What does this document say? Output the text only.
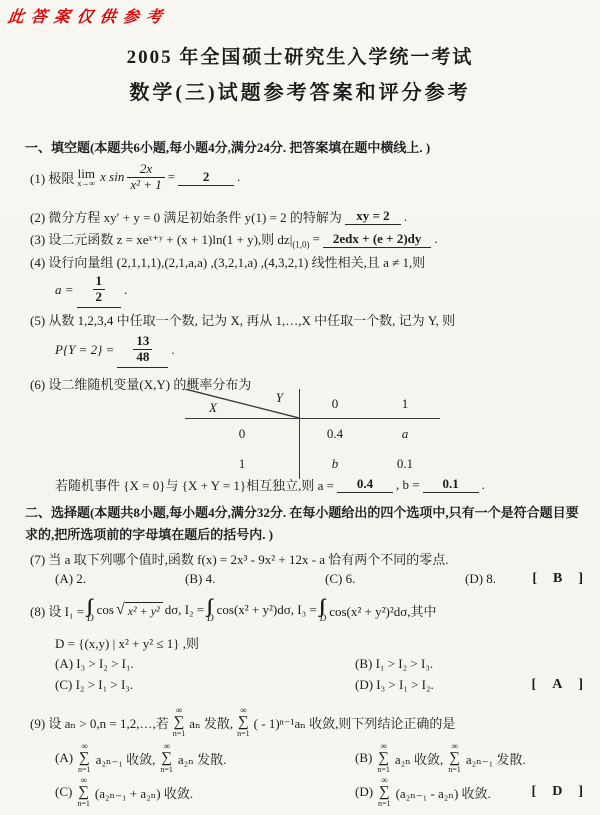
此答案仅供参考
2005 年全国硕士研究生入学统一考试
数学(三)试题参考答案和评分参考
一、填空题(本题共6小题,每小题4分,满分24分. 把答案填在题中横线上. )
(1) 极限 lim
x→∞ x $\sin \frac{2x}{\text{x² + 1}}$ =	2	.
(2) 微分方程 xy′ + y = 0 满足初始条件 y(1) = 2 的特解为	xy = 2	.
(3) 设二元函数 z = xeˣ⁺ʸ + (x + 1)ln(1 + y),则 $dz|_{(1,0)}$ =	2edx + (e + 2)dy	.
(4) 设行向量组 (2,1,1,1),(2,1,a,a) ,(3,2,1,a) ,(4,3,2,1) 线性相关,且 a ≠ 1,则
$a = \frac{1}{2}$ .
(5) 从数 1,2,3,4 中任取一个数, 记为 X, 再从 1,…,X 中任取一个数, 记为 Y, 则
$P\{Y = 2\} = \frac{13}{48}$ .
(6) 设二维随机变量(X,Y) 的概率分布为
Y
X	0	1
0	0.4	a
1	b	0.1
若随机事件 {X = 0}与 {X + Y = 1}相互独立,则 a =	0.4	, b =	0.1	.
二、选择题(本题共8小题,每小题4分,满分32分. 在每小题给出的四个选项中,只有一个是符合题目要求的,把所选项前的字母填在题后的括号内. )
(7) 当 a 取下列哪个值时,函数 f(x) = 2x³ - 9x² + 12x - a 恰有两个不同的零点.
(A) 2.	(B) 4.	(C) 6.	(D) 8.	[ B ]
(8) 设 I₁ = D
cos √ x² + y² dσ, I₂ =
D
cos(x² + y²)dσ, I₃ =
D cos(x² + y²)²dσ,其中
D = {(x,y) | x² + y² ≤ 1} ,则
(A) I₃ > I₂ > I₁.	(B) I₁ > I₂ > I₃.
(C) I₂ > I₁ > I₃.	(D) I₃ > I₁ > I₂.	[ A ]
(9) 设 aₙ > 0,n = 1,2,…,若
∞
∑
n=1
aₙ 发散,
∞
∑
n=1
( - 1)ⁿ⁻¹aₙ 收敛,则下列结论正确的是
(A)
∞
∑
n=1
a₂ₙ₋₁ 收敛,
∞
∑
n=1
a₂ₙ 发散.	(B)
∞
∑
n=1
a₂ₙ 收敛,
∞
∑
n=1
a₂ₙ₋₁ 发散.
(C)
∞
∑
n=1
(a₂ₙ₋₁ + a₂ₙ) 收敛.	(D)
∞
∑
n=1
(a₂ₙ₋₁ - a₂ₙ) 收敛.	[ D ]
